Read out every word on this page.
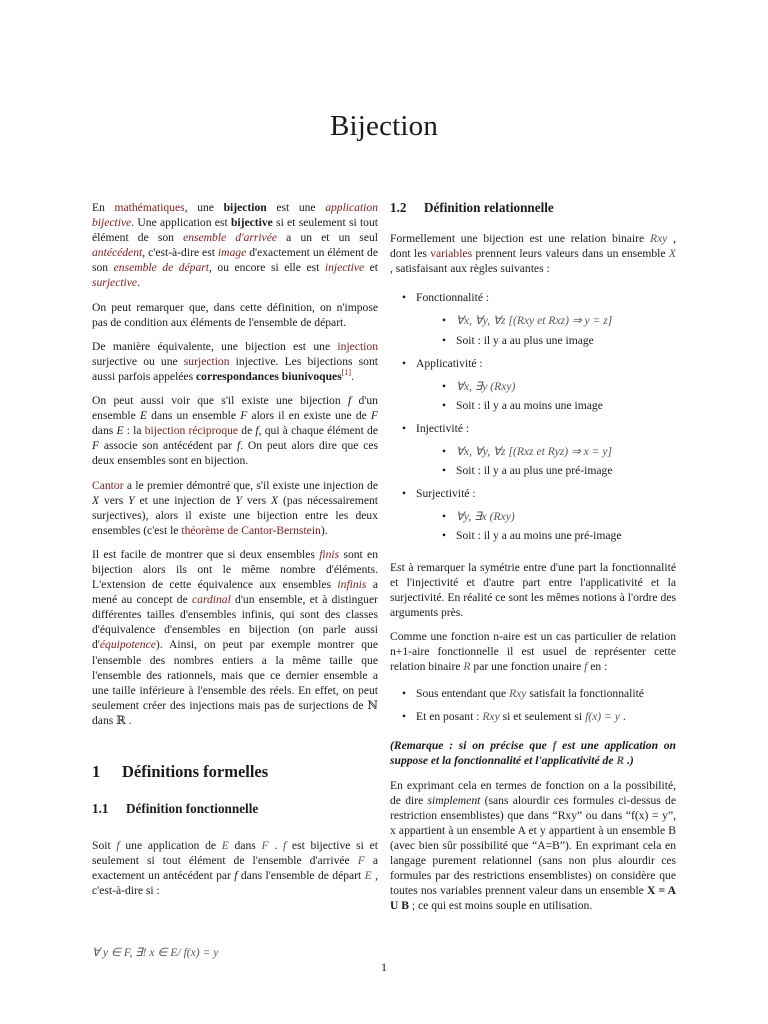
Bijection

En mathématiques, une bijection est une application bijective. Une application est bijective si et seulement si tout élément de son ensemble d'arrivée a un et un seul antécédent, c'est-à-dire est image d'exactement un élément de son ensemble de départ, ou encore si elle est injective et surjective.

On peut remarquer que, dans cette définition, on n'impose pas de condition aux éléments de l'ensemble de départ.

De manière équivalente, une bijection est une injection surjective ou une surjection injective. Les bijections sont aussi parfois appelées correspondances biunivoques[1].

On peut aussi voir que s'il existe une bijection f d'un ensemble E dans un ensemble F alors il en existe une de F dans E : la bijection réciproque de f, qui à chaque élément de F associe son antécédent par f. On peut alors dire que ces deux ensembles sont en bijection.

Cantor a le premier démontré que, s'il existe une injection de X vers Y et une injection de Y vers X (pas nécessairement surjectives), alors il existe une bijection entre les deux ensembles (c'est le théorème de Cantor-Bernstein).

Il est facile de montrer que si deux ensembles finis sont en bijection alors ils ont le même nombre d'éléments. L'extension de cette équivalence aux ensembles infinis a mené au concept de cardinal d'un ensemble, et à distinguer différentes tailles d'ensembles infinis, qui sont des classes d'équivalence d'ensembles en bijection (on parle aussi d'équipotence). Ainsi, on peut par exemple montrer que l'ensemble des nombres entiers a la même taille que l'ensemble des rationnels, mais que ce dernier ensemble a une taille inférieure à l'ensemble des réels. En effet, on peut seulement créer des injections mais pas de surjections de ℕ dans ℝ .

1 Définitions formelles
1.1 Définition fonctionnelle

Soit f une application de E dans F . f est bijective si et seulement si tout élément de l'ensemble d'arrivée F a exactement un antécédent par f dans l'ensemble de départ E , c'est-à-dire si :

∀ y ∈ F, ∃! x ∈ E/ f(x) = y
1.2 Définition relationnelle

Formellement une bijection est une relation binaire Rxy , dont les variables prennent leurs valeurs dans un ensemble X , satisfaisant aux règles suivantes :

• Fonctionnalité :
• ∀x, ∀y, ∀z [(Rxy et Rxz) ⇒ y = z]
• Soit : il y a au plus une image
• Applicativité :
• ∀x, ∃y (Rxy)
• Soit : il y a au moins une image
• Injectivité :
• ∀x, ∀y, ∀z [(Rxz et Ryz) ⇒ x = y]
• Soit : il y a au plus une pré-image
• Surjectivité :
• ∀y, ∃x (Rxy)
• Soit : il y a au moins une pré-image

Est à remarquer la symétrie entre d'une part la fonctionnalité et l'injectivité et d'autre part entre l'applicativité et la surjectivité. En réalité ce sont les mêmes notions à l'ordre des arguments près.

Comme une fonction n-aire est un cas particulier de relation n+1-aire fonctionnelle il est usuel de représenter cette relation binaire R par une fonction unaire f en :

• Sous entendant que Rxy satisfait la fonctionnalité
• Et en posant : Rxy si et seulement si f(x) = y .

(Remarque : si on précise que f est une application on suppose et la fonctionnalité et l'applicativité de R .)

En exprimant cela en termes de fonction on a la possibilité, de dire simplement (sans alourdir ces formules ci-dessus de restriction ensemblistes) que dans “Rxy” ou dans “f(x) = y”, x appartient à un ensemble A et y appartient à un ensemble B (avec bien sûr possibilité que “A=B”). En exprimant cela en langage purement relationnel (sans non plus alourdir ces formules par des restrictions ensemblistes) on considère que toutes nos variables prennent valeur dans un ensemble X = A U B ; ce qui est moins souple en utilisation.

1
